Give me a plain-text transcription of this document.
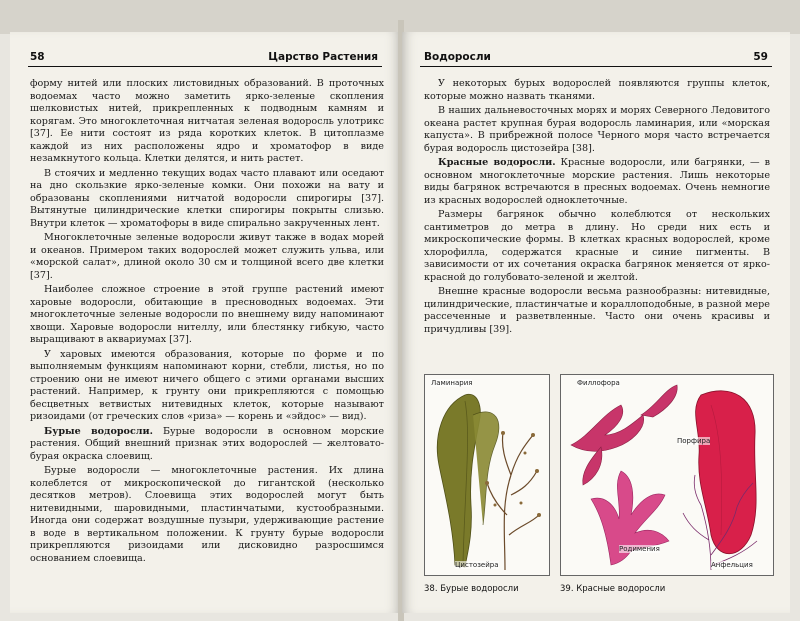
58	Царство Растения

форму нитей или плоских листовидных образований. В проточных водоемах часто можно заметить ярко-зеленые скопления шелковистых нитей, прикрепленных к подводным камням и корягам. Это многоклеточная нитчатая зеленая водоросль улотрикс [37]. Ее нити состоят из ряда коротких клеток. В цитоплазме каждой из них расположены ядро и хроматофор в виде незамкнутого кольца. Клетки делятся, и нить растет.

В стоячих и медленно текущих водах часто плавают или оседают на дно скользкие ярко-зеленые комки. Они похожи на вату и образованы скоплениями нитчатой водоросли спирогиры [37]. Вытянутые цилиндрические клетки спирогиры покрыты слизью. Внутри клеток — хроматофоры в виде спирально закрученных лент.

Многоклеточные зеленые водоросли живут также в водах морей и океанов. Примером таких водорослей может служить ульва, или «морской салат», длиной около 30 см и толщиной всего две клетки [37].

Наиболее сложное строение в этой группе растений имеют харовые водоросли, обитающие в пресноводных водоемах. Эти многоклеточные зеленые водоросли по внешнему виду напоминают хвощи. Харовые водоросли нителлу, или блестянку гибкую, часто выращивают в аквариумах [37].

У харовых имеются образования, которые по форме и по выполняемым функциям напоминают корни, стебли, листья, но по строению они не имеют ничего общего с этими органами высших растений. Например, к грунту они прикрепляются с помощью бесцветных ветвистых нитевидных клеток, которые называют ризоидами (от греческих слов «риза» — корень и «эйдос» — вид).

Бурые водоросли. Бурые водоросли в основном морские растения. Общий внешний признак этих водорослей — желтовато-бурая окраска слоевищ.

Бурые водоросли — многоклеточные растения. Их длина колеблется от микроскопической до гигантской (несколько десятков метров). Слоевища этих водорослей могут быть нитевидными, шаровидными, пластинчатыми, кустообразными. Иногда они содержат воздушные пузыри, удерживающие растение в воде в вертикальном положении. К грунту бурые водоросли прикрепляются ризоидами или дисковидно разросшимся основанием слоевища.

Водоросли	59

У некоторых бурых водорослей появляются группы клеток, которые можно назвать тканями.

В наших дальневосточных морях и морях Северного Ледовитого океана растет крупная бурая водоросль ламинария, или «морская капуста». В прибрежной полосе Черного моря часто встречается бурая водоросль цистозейра [38].

Красные водоросли. Красные водоросли, или багрянки, — в основном многоклеточные морские растения. Лишь некоторые виды багрянок встречаются в пресных водоемах. Очень немногие из красных водорослей одноклеточные.

Размеры багрянок обычно колеблются от нескольких сантиметров до метра в длину. Но среди них есть и микроскопические формы. В клетках красных водорослей, кроме хлорофилла, содержатся красные и синие пигменты. В зависимости от их сочетания окраска багрянок меняется от ярко-красной до голубовато-зеленой и желтой.

Внешне красные водоросли весьма разнообразны: нитевидные, цилиндрические, пластинчатые и кораллоподобные, в разной мере рассеченные и разветвленные. Часто они очень красивы и причудливы [39].

Ламинария
Цистозейра
Филлофора
Порфира
Родимения
Анфельция
38. Бурые водоросли	39. Красные водоросли
